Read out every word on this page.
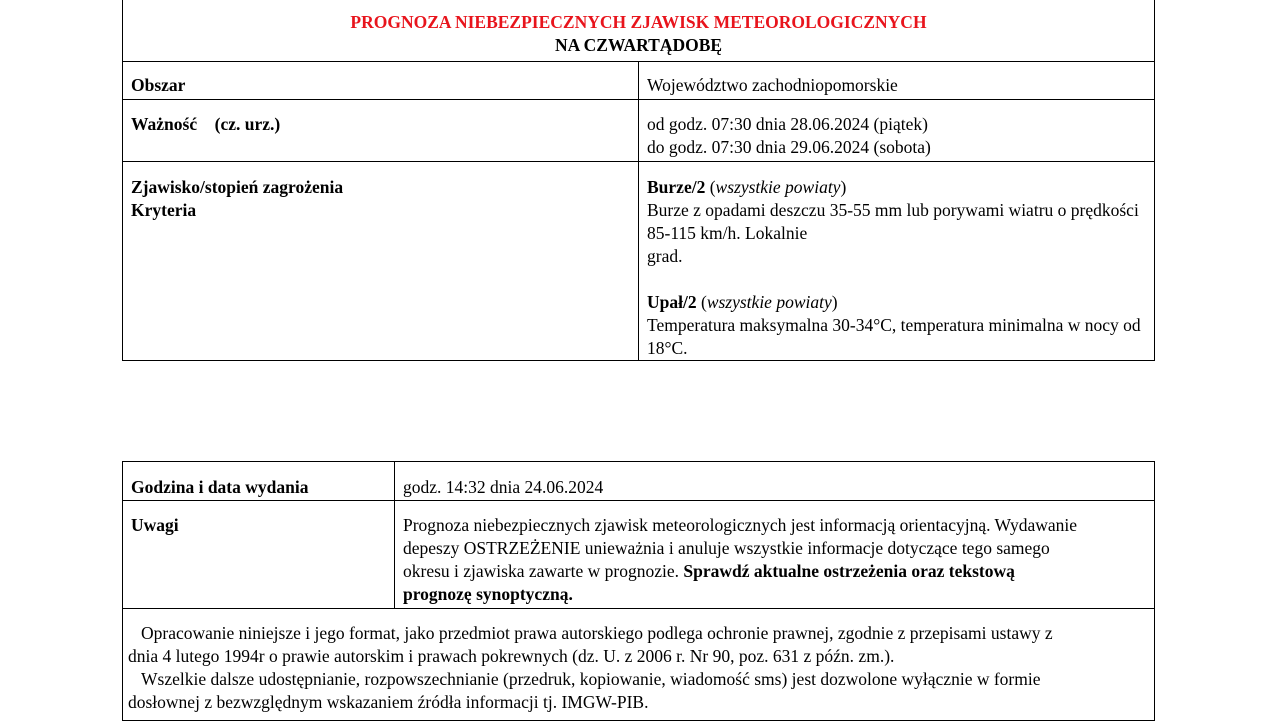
PROGNOZA NIEBEZPIECZNYCH ZJAWISK METEOROLOGICZNYCH
NA CZWARTĄDOBĘ	

Obszar	Województwo zachodniopomorskie
Ważność (cz. urz.)	od godz. 07:30 dnia 28.06.2024 (piątek)
do godz. 07:30 dnia 29.06.2024 (sobota)

Zjawisko/stopień zagrożenia
Kryteria	Burze/2 (wszystkie powiaty)
Burze z opadami deszczu 35-55 mm lub porywami wiatru o prędkości 85-115 km/h. Lokalnie
grad.
Upał/2 (wszystkie powiaty)
Temperatura maksymalna 30-34°C, temperatura minimalna w nocy od 18°C.
Godzina i data wydania	godz. 14:32 dnia 24.06.2024
Uwagi	Prognoza niebezpiecznych zjawisk meteorologicznych jest informacją orientacyjną. Wydawanie
depeszy OSTRZEŻENIE unieważnia i anuluje wszystkie informacje dotyczące tego samego
okresu i zjawiska zawarte w prognozie. Sprawdź aktualne ostrzeżenia oraz tekstową
prognozę synoptyczną.

Opracowanie niniejsze i jego format, jako przedmiot prawa autorskiego podlega ochronie prawnej, zgodnie z przepisami ustawy z
dnia 4 lutego 1994r o prawie autorskim i prawach pokrewnych (dz. U. z 2006 r. Nr 90, poz. 631 z późn. zm.).
Wszelkie dalsze udostępnianie, rozpowszechnianie (przedruk, kopiowanie, wiadomość sms) jest dozwolone wyłącznie w formie
dosłownej z bezwzględnym wskazaniem źródła informacji tj. IMGW-PIB.	
